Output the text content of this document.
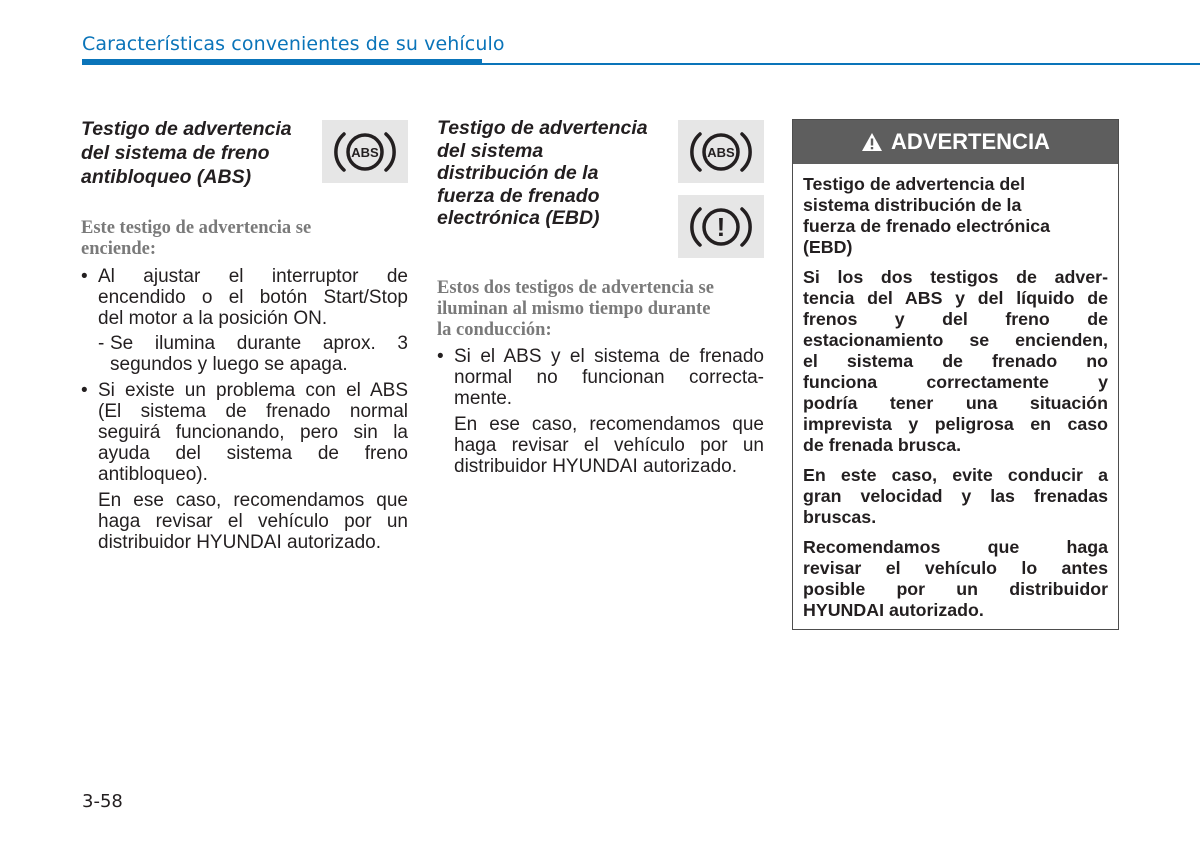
Características convenientes de su vehículo
Testigo de advertencia
del sistema de freno
antibloqueo (ABS)
ABS
Este testigo de advertencia se
enciende:
• Al ajustar el interruptor de
encendido o el botón Start/Stop
del motor a la posición ON.
- Se ilumina durante aprox. 3
segundos y luego se apaga.
• Si existe un problema con el ABS
(El sistema de frenado normal
seguirá funcionando, pero sin la
ayuda del sistema de freno
antibloqueo).
En ese caso, recomendamos que
haga revisar el vehículo por un
distribuidor HYUNDAI autorizado.
Testigo de advertencia
del sistema
distribución de la
fuerza de frenado
electrónica (EBD)
ABS
!
Estos dos testigos de advertencia se
iluminan al mismo tiempo durante
la conducción:
• Si el ABS y el sistema de frenado
normal no funcionan correcta-
mente.
En ese caso, recomendamos que
haga revisar el vehículo por un
distribuidor HYUNDAI autorizado.
ADVERTENCIA

Testigo de advertencia del
sistema distribución de la
fuerza de frenado electrónica
(EBD)

Si los dos testigos de adver-
tencia del ABS y del líquido de
frenos y del freno de
estacionamiento se encienden,
el sistema de frenado no
funciona correctamente y
podría tener una situación
imprevista y peligrosa en caso
de frenada brusca.

En este caso, evite conducir a
gran velocidad y las frenadas
bruscas.

Recomendamos que haga
revisar el vehículo lo antes
posible por un distribuidor
HYUNDAI autorizado.

3-58
